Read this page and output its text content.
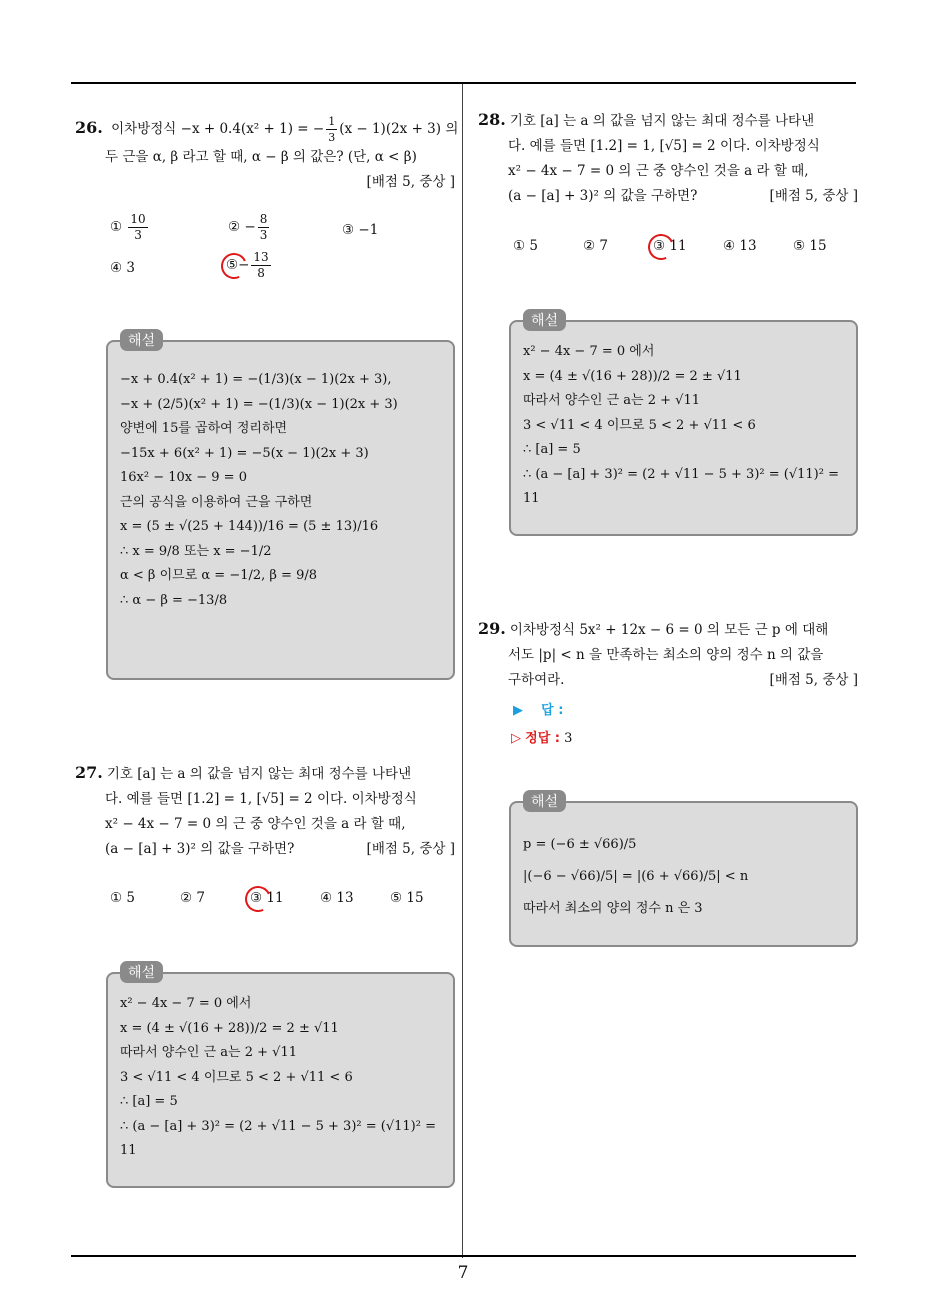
26. 이차방정식 −x + 0.4(x² + 1) = − $\frac{1}{3} (x - 1)(2x + 3)$ 의
두 근을 α, β 라고 할 때, α − β 의 값은? (단, α < β)
[배점 5, 중상 ]
① $\frac{10}{3}$	② − $\frac{8}{3}$	③ −1
④ 3	⑤− $\frac{13}{8}$
해설
−x + 0.4(x² + 1) = −(1/3)(x − 1)(2x + 3),
−x + (2/5)(x² + 1) = −(1/3)(x − 1)(2x + 3)
양변에 15를 곱하여 정리하면
−15x + 6(x² + 1) = −5(x − 1)(2x + 3)
16x² − 10x − 9 = 0
근의 공식을 이용하여 근을 구하면
x = (5 ± √(25 + 144))/16 = (5 ± 13)/16
∴ x = 9/8 또는 x = −1/2
α < β 이므로 α = −1/2, β = 9/8
∴ α − β = −13/8
27. 기호 [a] 는 a 의 값을 넘지 않는 최대 정수를 나타낸
다. 예를 들면 [1.2] = 1, [√5] = 2 이다. 이차방정식
x² − 4x − 7 = 0 의 근 중 양수인 것을 a 라 할 때,
(a − [a] + 3)² 의 값을 구하면?	[배점 5, 중상 ]
① 5	② 7	③ 11	④ 13	⑤ 15
해설
x² − 4x − 7 = 0 에서
x = (4 ± √(16 + 28))/2 = 2 ± √11
따라서 양수인 근 a는 2 + √11
3 < √11 < 4 이므로 5 < 2 + √11 < 6
∴ [a] = 5
∴ (a − [a] + 3)² = (2 + √11 − 5 + 3)² = (√11)² =
11
28. 기호 [a] 는 a 의 값을 넘지 않는 최대 정수를 나타낸
다. 예를 들면 [1.2] = 1, [√5] = 2 이다. 이차방정식
x² − 4x − 7 = 0 의 근 중 양수인 것을 a 라 할 때,
(a − [a] + 3)² 의 값을 구하면?	[배점 5, 중상 ]
① 5	② 7	③ 11	④ 13	⑤ 15
해설
x² − 4x − 7 = 0 에서
x = (4 ± √(16 + 28))/2 = 2 ± √11
따라서 양수인 근 a는 2 + √11
3 < √11 < 4 이므로 5 < 2 + √11 < 6
∴ [a] = 5
∴ (a − [a] + 3)² = (2 + √11 − 5 + 3)² = (√11)² =
11
29. 이차방정식 5x² + 12x − 6 = 0 의 모든 근 p 에 대해
서도 |p| < n 을 만족하는 최소의 양의 정수 n 의 값을
구하여라.	[배점 5, 중상 ]
▶ 답 :
▷ 정답 : 3
해설
p = (−6 ± √66)/5
|(−6 − √66)/5| = |(6 + √66)/5| < n
따라서 최소의 양의 정수 n 은 3
7
